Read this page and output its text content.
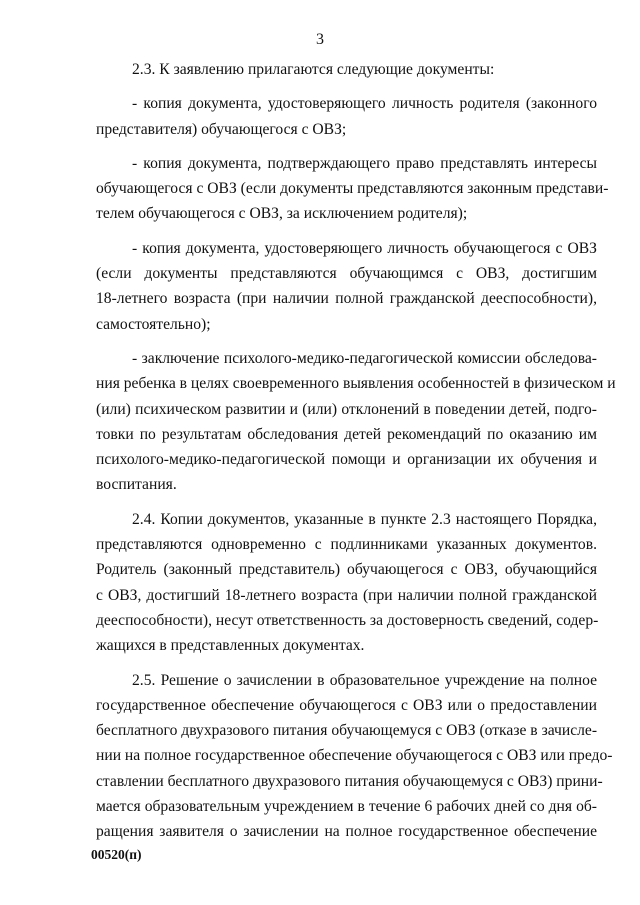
3
2.3. К заявлению прилагаются следующие документы:
- копия документа, удостоверяющего личность родителя (законного
представителя) обучающегося с ОВЗ;
- копия документа, подтверждающего право представлять интересы
обучающегося с ОВЗ (если документы представляются законным представи-
телем обучающегося с ОВЗ, за исключением родителя);
- копия документа, удостоверяющего личность обучающегося с ОВЗ
(если документы представляются обучающимся с ОВЗ, достигшим
18-летнего возраста (при наличии полной гражданской дееспособности),
самостоятельно);
- заключение психолого-медико-педагогической комиссии обследова-
ния ребенка в целях своевременного выявления особенностей в физическом и
(или) психическом развитии и (или) отклонений в поведении детей, подго-
товки по результатам обследования детей рекомендаций по оказанию им
психолого-медико-педагогической помощи и организации их обучения и
воспитания.
2.4. Копии документов, указанные в пункте 2.3 настоящего Порядка,
представляются одновременно с подлинниками указанных документов.
Родитель (законный представитель) обучающегося с ОВЗ, обучающийся
с ОВЗ, достигший 18-летнего возраста (при наличии полной гражданской
дееспособности), несут ответственность за достоверность сведений, содер-
жащихся в представленных документах.
2.5. Решение о зачислении в образовательное учреждение на полное
государственное обеспечение обучающегося с ОВЗ или о предоставлении
бесплатного двухразового питания обучающемуся с ОВЗ (отказе в зачисле-
нии на полное государственное обеспечение обучающегося с ОВЗ или предо-
ставлении бесплатного двухразового питания обучающемуся с ОВЗ) прини-
мается образовательным учреждением в течение 6 рабочих дней со дня об-
ращения заявителя о зачислении на полное государственное обеспечение
00520(п)
